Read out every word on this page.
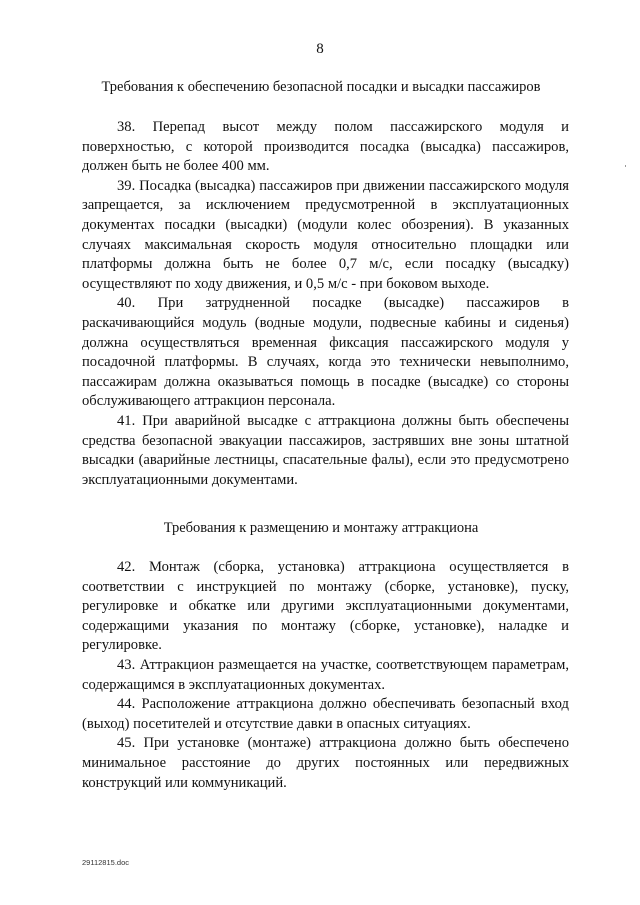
8
Требования к обеспечению безопасной посадки и высадки пассажиров

38. Перепад высот между полом пассажирского модуля и поверхностью, с которой производится посадка (высадка) пассажиров, должен быть не более 400 мм.

39. Посадка (высадка) пассажиров при движении пассажирского модуля запрещается, за исключением предусмотренной в эксплуатационных документах посадки (высадки) (модули колес обозрения). В указанных случаях максимальная скорость модуля относительно площадки или платформы должна быть не более 0,7 м/с, если посадку (высадку) осуществляют по ходу движения, и 0,5 м/с - при боковом выходе.

40. При затрудненной посадке (высадке) пассажиров в раскачивающийся модуль (водные модули, подвесные кабины и сиденья) должна осуществляться временная фиксация пассажирского модуля у посадочной платформы. В случаях, когда это технически невыполнимо, пассажирам должна оказываться помощь в посадке (высадке) со стороны обслуживающего аттракцион персонала.

41. При аварийной высадке с аттракциона должны быть обеспечены средства безопасной эвакуации пассажиров, застрявших вне зоны штатной высадки (аварийные лестницы, спасательные фалы), если это предусмотрено эксплуатационными документами.

Требования к размещению и монтажу аттракциона

42. Монтаж (сборка, установка) аттракциона осуществляется в соответствии с инструкцией по монтажу (сборке, установке), пуску, регулировке и обкатке или другими эксплуатационными документами, содержащими указания по монтажу (сборке, установке), наладке и регулировке.

43. Аттракцион размещается на участке, соответствующем параметрам, содержащимся в эксплуатационных документах.

44. Расположение аттракциона должно обеспечивать безопасный вход (выход) посетителей и отсутствие давки в опасных ситуациях.

45. При установке (монтаже) аттракциона должно быть обеспечено минимальное расстояние до других постоянных или передвижных конструкций или коммуникаций.

29112815.doc
